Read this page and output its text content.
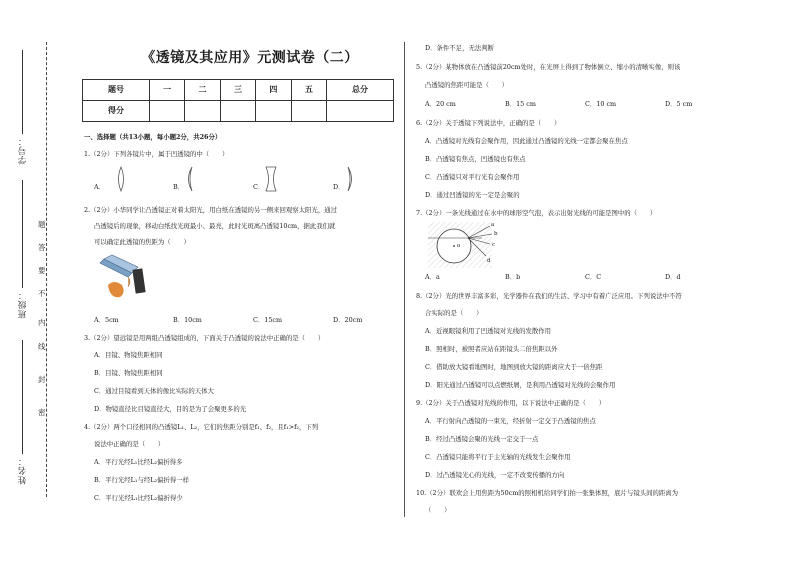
学号：
班级：
姓名：
题
答
要
不
内
线
封
密
《透镜及其应用》元测试卷（二）
题号	一	二	三	四	五	总分
得分						
一、选择题（共13小题，每小题2分，共26分）
1.（2分）下列各镜片中，属于凹透镜的中（　　）
A．	B．	C．	D．
2.（2分）小华同学让凸透镜正对着太阳光，用白纸在透镜的另一侧来回观察太阳光，通过
凸透镜后的现象，移动白纸找光斑最小、最亮，此时光斑离凸透镜10cm，据此我们就
可以确定此透镜的焦距为（　　）
A．5cm	B．10cm	C．15cm	D．20cm
3.（2分）望远镜是用两组凸透镜组成的，下面关于凸透镜的说法中正确的是（　　）
A．目镜、物镜焦距相同
B．目镜、物镜焦距相同
C．通过目镜看到天体的像比实际的天体大
D．物镜直径比目镜直径大，目的是为了会聚更多的光
4.（2分）两个口径相同的凸透镜L₁、L₂，它们的焦距分别是f₁、f₂，且f₁>f₂，下列
说法中正确的是（　　）
A．平行光经L₁比经L₂偏折得多
B．平行光经L₁与经L₂偏折得一样
C．平行光经L₁比经L₂偏折得少
D．条件不足，无法判断
5.（2分）某物体放在凸透镜前20cm处时，在光屏上得到了物体倒立、缩小的清晰实像，则该
凸透镜的焦距可能是（　　）
A．20 cm	B．15 cm	C．10 cm	D．5 cm
6.（2分）关于透镜下列说法中，正确的是（　　）
A．凸透镜对光线有会聚作用，因此通过凸透镜的光线一定都会聚在焦点
B．凸透镜有焦点，凹透镜也有焦点
C．凸透镜只对平行光有会聚作用
D．通过凹透镜的光一定是会聚的
7.（2分）一条光线通过在水中的球形空气泡，表示出射光线的可能是图中的（　　）
a
b
c
d
o
A．a	B．b	C．C	D．d
8.（2分）光的世界丰富多彩，光学器件在我们的生活、学习中有着广泛应用。下列说法中不符
合实际的是（　　）
A．近视眼镜利用了凹透镜对光线的发散作用
B．照相时，被照者应站在距镜头二倍焦距以外
C．借助放大镜看地图时，地图到放大镜的距离应大于一倍焦距
D．阳光通过凸透镜可以点燃纸屑，是利用凸透镜对光线的会聚作用
9.（2分）关于凸透镜对光线的作用，以下说法中正确的是（　　）
A．平行射向凸透镜的一束光，经折射一定交于凸透镜的焦点
B．经过凸透镜会聚的光线一定交于一点
C．凸透镜只能将平行于主光轴的光线发生会聚作用
D．过凸透镜光心的光线，一定不改变传播的方向
10.（2分）联欢会上用焦距为50cm的照相机给同学们拍一张集体照，底片与镜头间的距离为
（　　）
